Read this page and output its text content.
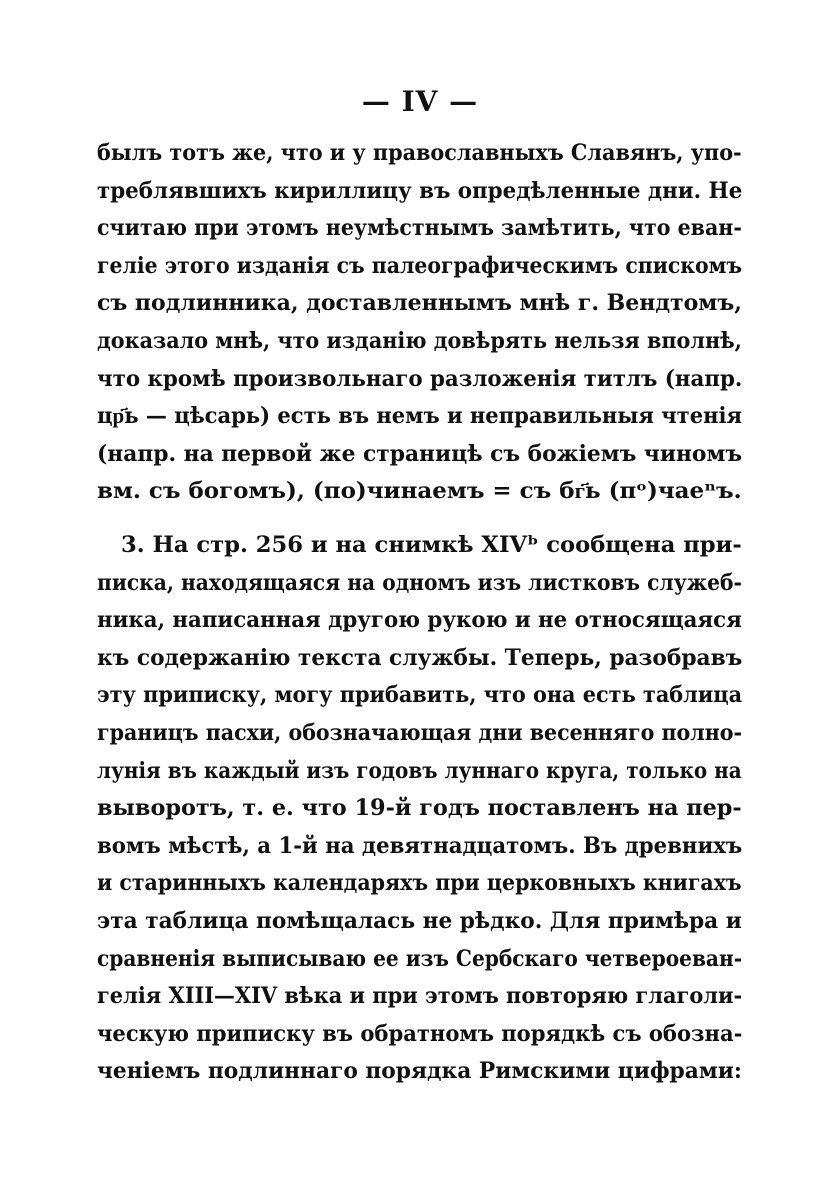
— IV —
былъ тотъ же, что и у православныхъ Славянъ, упо-
треблявшихъ кириллицу въ опредѣленные дни. Не
считаю при этомъ неумѣстнымъ замѣтить, что еван-
геліе этого изданія съ палеографическимъ спискомъ
съ подлинника, доставленнымъ мнѣ г. Вендтомъ,
доказало мнѣ, что изданію довѣрять нельзя вполнѣ,
что кромѣ произвольнаго разложенія титлъ (напр.
цр҃ь — цѣсарь) есть въ немъ и неправильныя чтенія
(напр. на первой же страницѣ съ божіемъ чиномъ
вм. съ богомъ), (по)чинаемъ = съ бг҃ь (пᵒ)чаеⁿъ.
3. На стр. 256 и на снимкѣ XIVᵇ сообщена при-
писка, находящаяся на одномъ изъ листковъ служеб-
ника, написанная другою рукою и не относящаяся
къ содержанію текста службы. Теперь, разобравъ
эту приписку, могу прибавить, что она есть таблица
границъ пасхи, обозначающая дни весенняго полно-
лунія въ каждый изъ годовъ луннаго круга, только на
выворотъ, т. е. что 19-й годъ поставленъ на пер-
вомъ мѣстѣ, а 1-й на девятнадцатомъ. Въ древнихъ
и старинныхъ календаряхъ при церковныхъ книгахъ
эта таблица помѣщалась не рѣдко. Для примѣра и
сравненія выписываю ее изъ Сербскаго четвероеван-
гелія XIII—XIV вѣка и при этомъ повторяю глаголи-
ческую приписку въ обратномъ порядкѣ съ обозна-
ченіемъ подлиннаго порядка Римскими цифрами:
